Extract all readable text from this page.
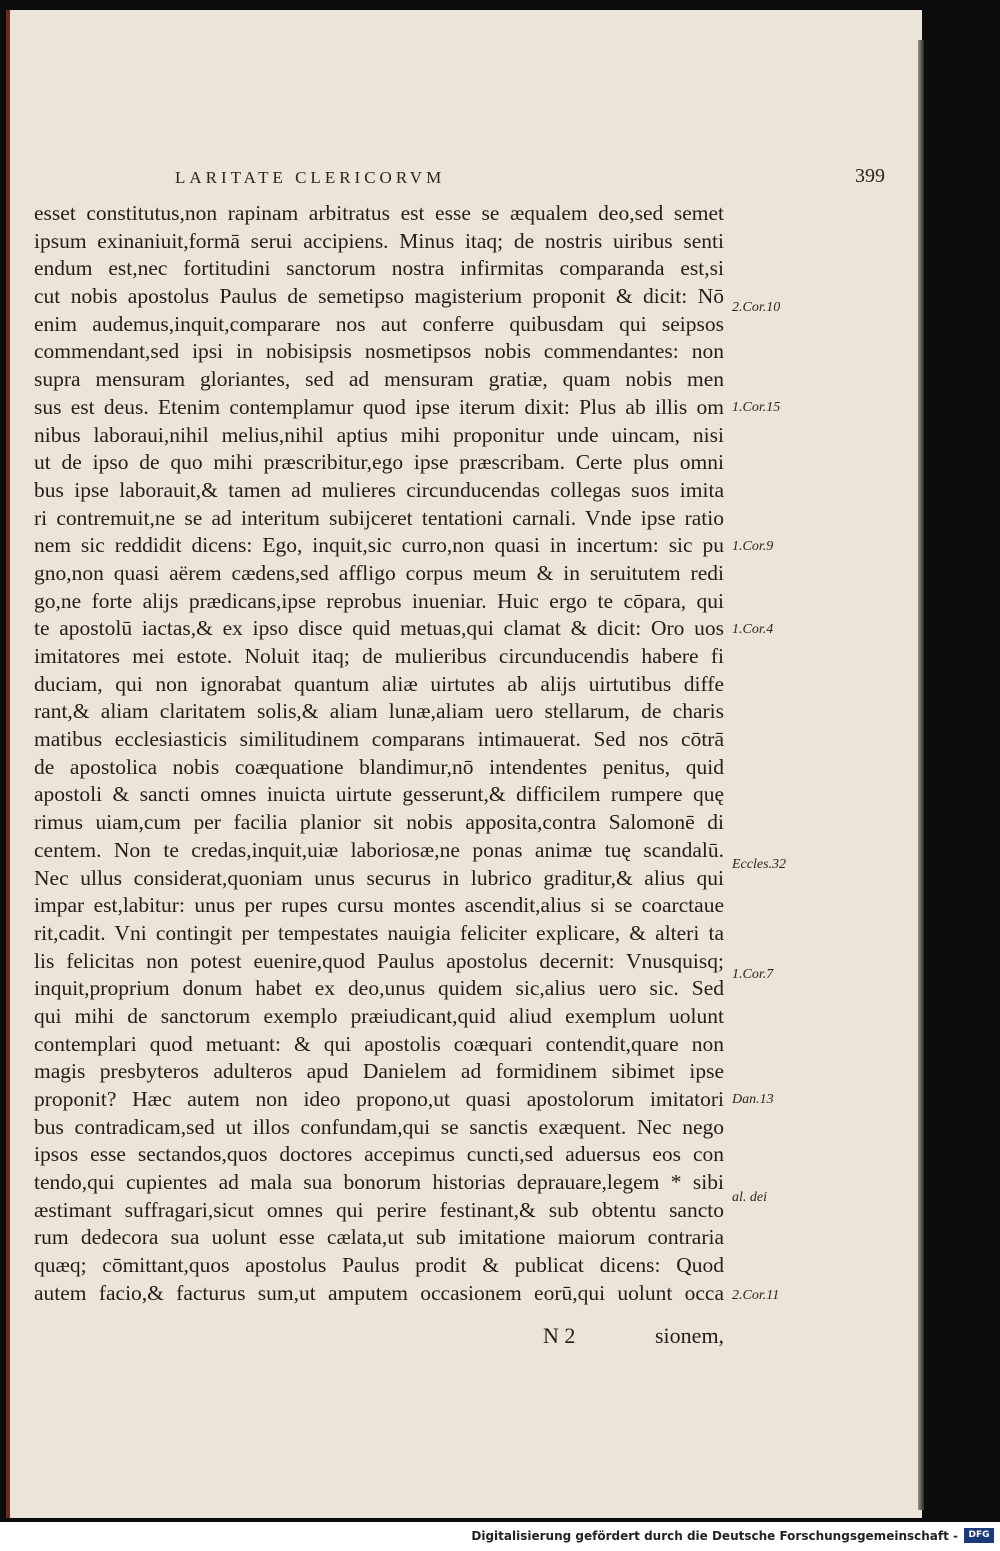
LARITATE CLERICORVM	399
esset constitutus,non rapinam arbitratus est esse se æqualem deo,sed semet
ipsum exinaniuit,formā serui accipiens. Minus itaq; de nostris uiribus senti
endum est,nec fortitudini sanctorum nostra infirmitas comparanda est,si
cut nobis apostolus Paulus de semetipso magisterium proponit & dicit: Nō
enim audemus,inquit,comparare nos aut conferre quibusdam qui seipsos
commendant,sed ipsi in nobisipsis nosmetipsos nobis commendantes: non
supra mensuram gloriantes, sed ad mensuram gratiæ, quam nobis men
sus est deus. Etenim contemplamur quod ipse iterum dixit: Plus ab illis om
nibus laboraui,nihil melius,nihil aptius mihi proponitur unde uincam, nisi
ut de ipso de quo mihi præscribitur,ego ipse præscribam. Certe plus omni
bus ipse laborauit,& tamen ad mulieres circunducendas collegas suos imita
ri contremuit,ne se ad interitum subijceret tentationi carnali. Vnde ipse ratio
nem sic reddidit dicens: Ego, inquit,sic curro,non quasi in incertum: sic pu
gno,non quasi aërem cædens,sed affligo corpus meum & in seruitutem redi
go,ne forte alijs prædicans,ipse reprobus inueniar. Huic ergo te cōpara, qui
te apostolū iactas,& ex ipso disce quid metuas,qui clamat & dicit: Oro uos
imitatores mei estote. Noluit itaq; de mulieribus circunducendis habere fi
duciam, qui non ignorabat quantum aliæ uirtutes ab alijs uirtutibus diffe
rant,& aliam claritatem solis,& aliam lunæ,aliam uero stellarum, de charis
matibus ecclesiasticis similitudinem comparans intimauerat. Sed nos cōtrā
de apostolica nobis coæquatione blandimur,nō intendentes penitus, quid
apostoli & sancti omnes inuicta uirtute gesserunt,& difficilem rumpere quę
rimus uiam,cum per facilia planior sit nobis apposita,contra Salomonē di
centem. Non te credas,inquit,uiæ laboriosæ,ne ponas animæ tuę scandalū.
Nec ullus considerat,quoniam unus securus in lubrico graditur,& alius qui
impar est,labitur: unus per rupes cursu montes ascendit,alius si se coarctaue
rit,cadit. Vni contingit per tempestates nauigia feliciter explicare, & alteri ta
lis felicitas non potest euenire,quod Paulus apostolus decernit: Vnusquisq;
inquit,proprium donum habet ex deo,unus quidem sic,alius uero sic. Sed
qui mihi de sanctorum exemplo præiudicant,quid aliud exemplum uolunt
contemplari quod metuant: & qui apostolis coæquari contendit,quare non
magis presbyteros adulteros apud Danielem ad formidinem sibimet ipse
proponit? Hæc autem non ideo propono,ut quasi apostolorum imitatori
bus contradicam,sed ut illos confundam,qui se sanctis exæquent. Nec nego
ipsos esse sectandos,quos doctores accepimus cuncti,sed aduersus eos con
tendo,qui cupientes ad mala sua bonorum historias deprauare,legem * sibi
æstimant suffragari,sicut omnes qui perire festinant,& sub obtentu sancto
rum dedecora sua uolunt esse cælata,ut sub imitatione maiorum contraria
quæq; cōmittant,quos apostolus Paulus prodit & publicat dicens: Quod
autem facio,& facturus sum,ut amputem occasionem eorū,qui uolunt occa
2.Cor.10
1.Cor.15
1.Cor.9
1.Cor.4
Eccles.32
1.Cor.7
Dan.13
al. dei
2.Cor.11
N 2	sionem,
Digitalisierung gefördert durch die Deutsche Forschungsgemeinschaft -	DFG
